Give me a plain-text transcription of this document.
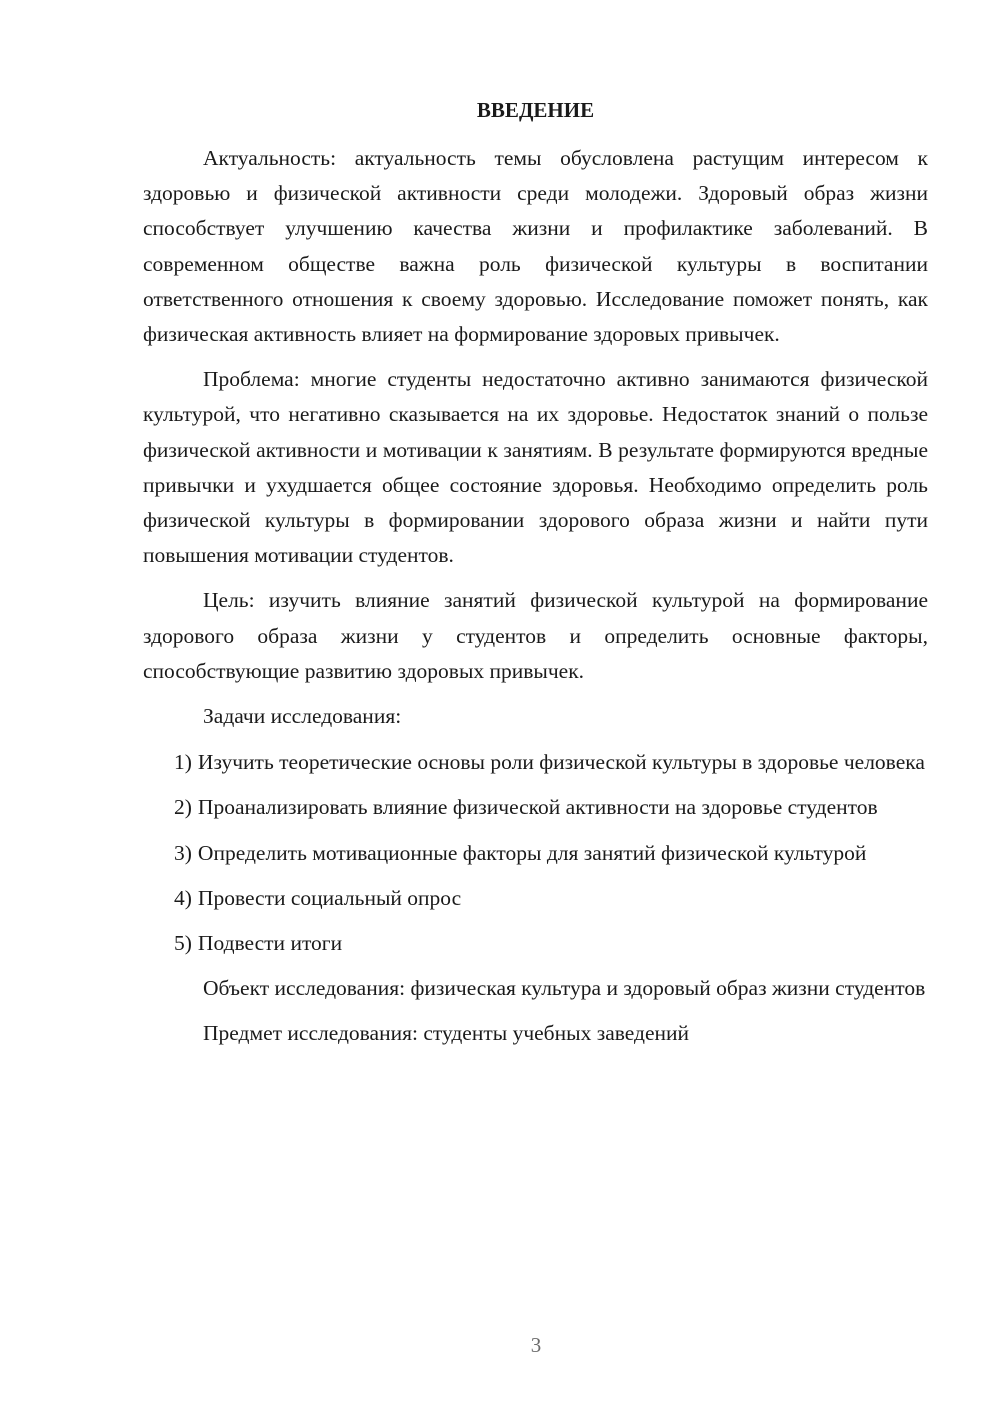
ВВЕДЕНИЕ

Актуальность: актуальность темы обусловлена растущим интересом к здоровью и физической активности среди молодежи. Здоровый образ жизни способствует улучшению качества жизни и профилактике заболеваний. В современном обществе важна роль физической культуры в воспитании ответственного отношения к своему здоровью. Исследование поможет понять, как физическая активность влияет на формирование здоровых привычек.

Проблема: многие студенты недостаточно активно занимаются физической культурой, что негативно сказывается на их здоровье. Недостаток знаний о пользе физической активности и мотивации к занятиям. В результате формируются вредные привычки и ухудшается общее состояние здоровья. Необходимо определить роль физической культуры в формировании здорового образа жизни и найти пути повышения мотивации студентов.

Цель: изучить влияние занятий физической культурой на формирование здорового образа жизни у студентов и определить основные факторы, способствующие развитию здоровых привычек.

Задачи исследования:

1) Изучить теоретические основы роли физической культуры в здоровье человека

2) Проанализировать влияние физической активности на здоровье студентов

3) Определить мотивационные факторы для занятий физической культурой

4) Провести социальный опрос

5) Подвести итоги

Объект исследования: физическая культура и здоровый образ жизни студентов

Предмет исследования: студенты учебных заведений

3
